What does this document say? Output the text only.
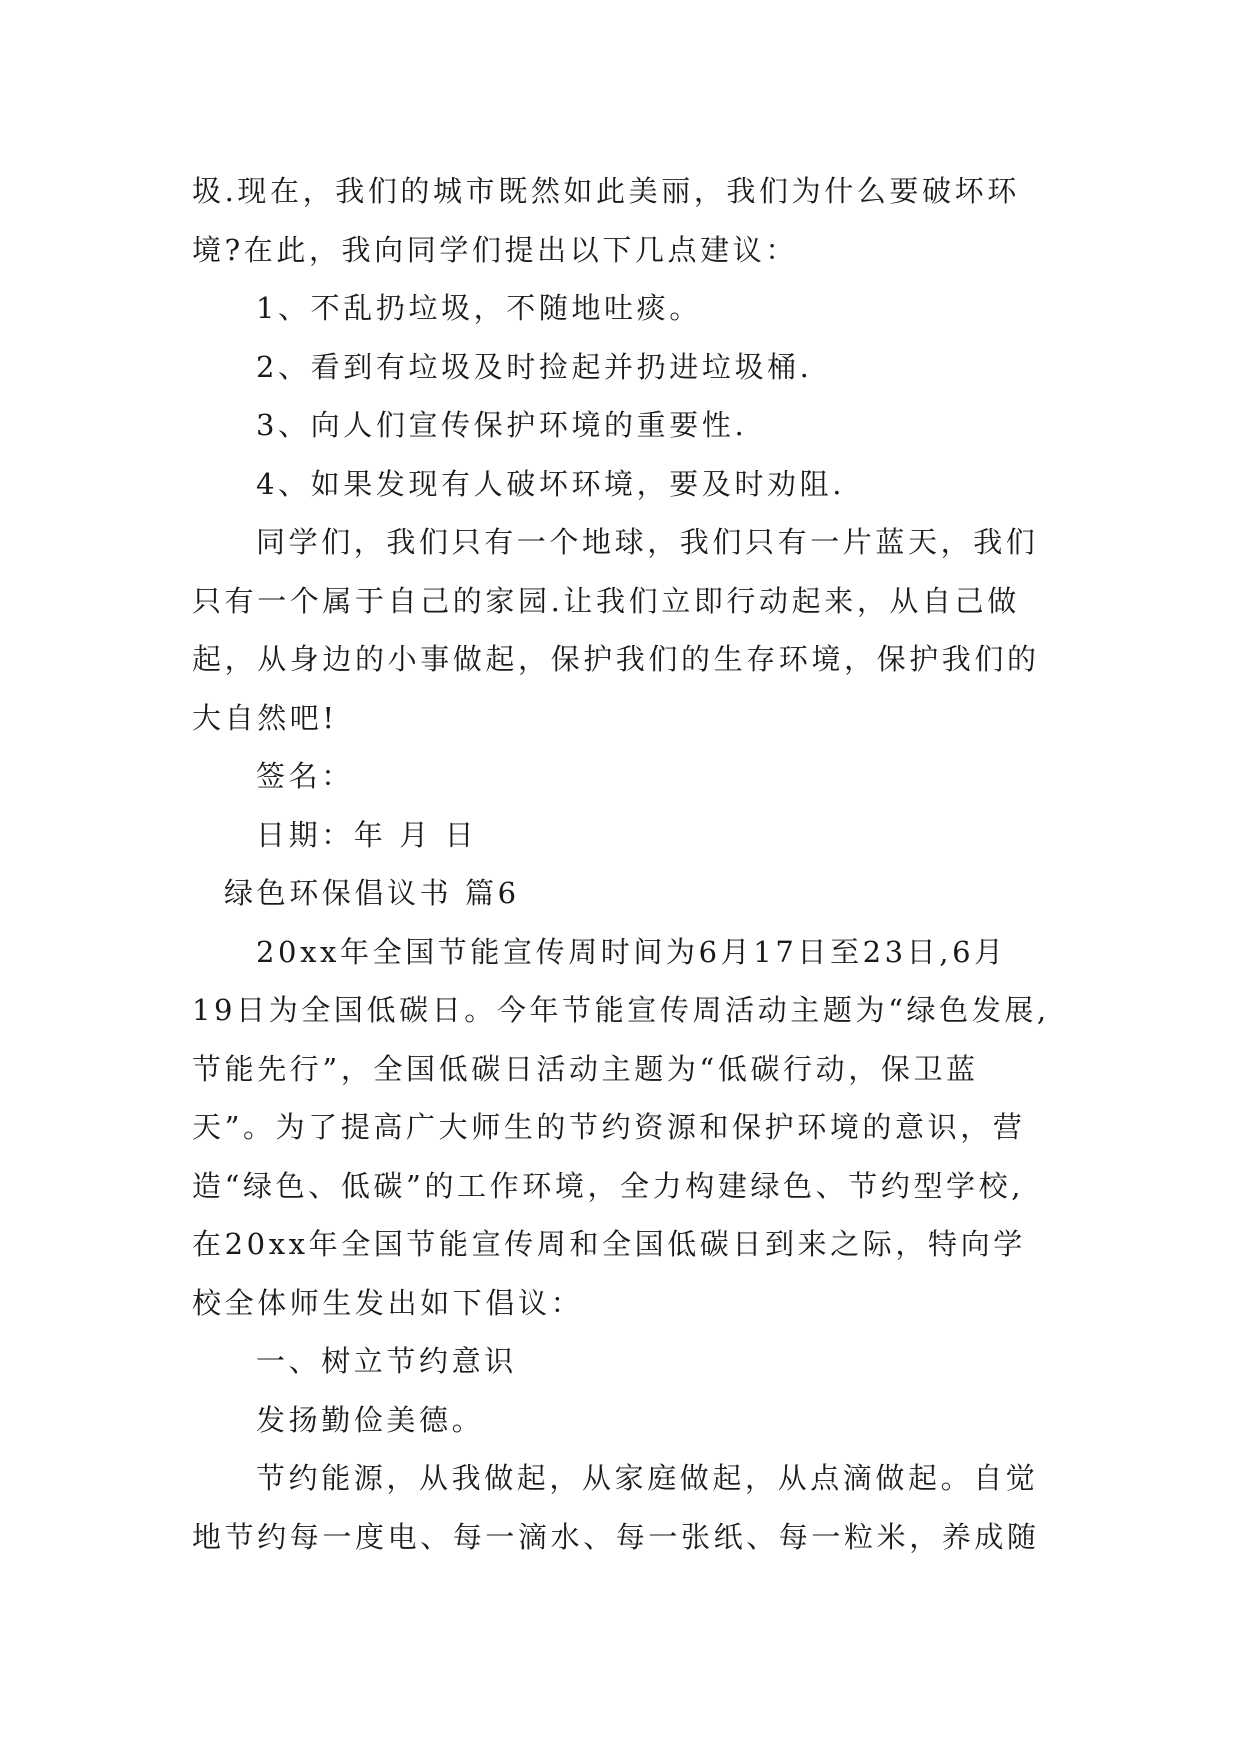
圾.现在，我们的城市既然如此美丽，我们为什么要破坏环
境?在此，我向同学们提出以下几点建议：
1、不乱扔垃圾，不随地吐痰。
2、看到有垃圾及时捡起并扔进垃圾桶.
3、向人们宣传保护环境的重要性.
4、如果发现有人破坏环境，要及时劝阻.
同学们，我们只有一个地球，我们只有一片蓝天，我们
只有一个属于自己的家园.让我们立即行动起来，从自己做
起，从身边的小事做起，保护我们的生存环境，保护我们的
大自然吧!
签名：
日期：年 月 日
绿色环保倡议书 篇6
20xx年全国节能宣传周时间为6月17日至23日,6月
19日为全国低碳日。今年节能宣传周活动主题为“绿色发展,
节能先行”，全国低碳日活动主题为“低碳行动，保卫蓝
天”。为了提高广大师生的节约资源和保护环境的意识，营
造“绿色、低碳”的工作环境，全力构建绿色、节约型学校,
在20xx年全国节能宣传周和全国低碳日到来之际，特向学
校全体师生发出如下倡议：
一、树立节约意识
发扬勤俭美德。
节约能源，从我做起，从家庭做起，从点滴做起。自觉
地节约每一度电、每一滴水、每一张纸、每一粒米，养成随
